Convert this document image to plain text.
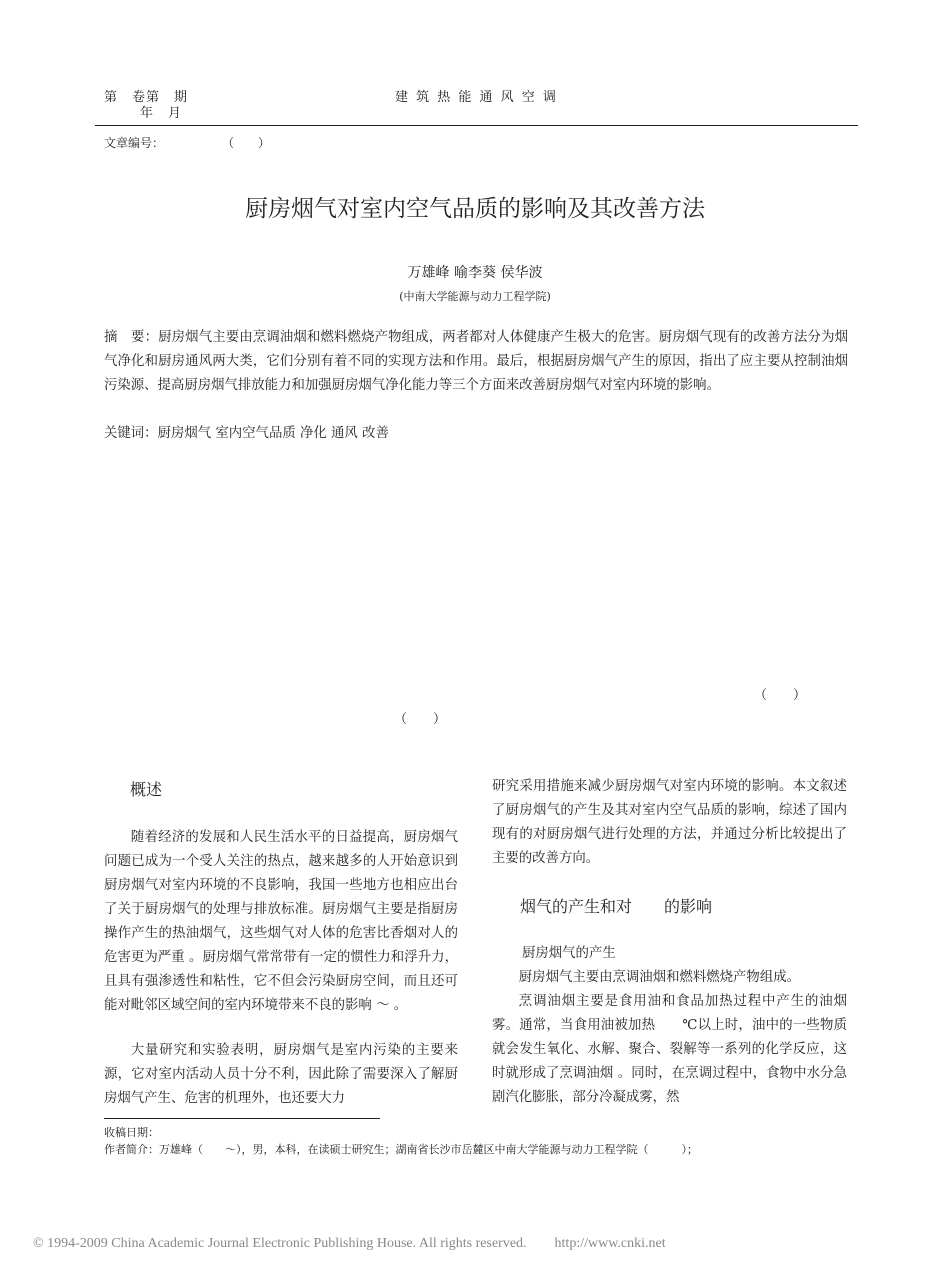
第　卷第　期
年　月
建 筑 热 能 通 风 空 调
文章编号：	（　　）
厨房烟气对室内空气品质的影响及其改善方法
万雄峰 喻李葵 侯华波
(中南大学能源与动力工程学院)
摘　要：厨房烟气主要由烹调油烟和燃料燃烧产物组成，两者都对人体健康产生极大的危害。厨房烟气现有的改善方法分为烟气净化和厨房通风两大类，它们分别有着不同的实现方法和作用。最后，根据厨房烟气产生的原因，指出了应主要从控制油烟污染源、提高厨房烟气排放能力和加强厨房烟气净化能力等三个方面来改善厨房烟气对室内环境的影响。
关键词：厨房烟气 室内空气品质 净化 通风 改善
（　　）
（　　）
概述
随着经济的发展和人民生活水平的日益提高，厨房烟气问题已成为一个受人关注的热点，越来越多的人开始意识到厨房烟气对室内环境的不良影响，我国一些地方也相应出台了关于厨房烟气的处理与排放标准。厨房烟气主要是指厨房操作产生的热油烟气，这些烟气对人体的危害比香烟对人的危害更为严重 。厨房烟气常常带有一定的惯性力和浮升力，且具有强渗透性和粘性，它不但会污染厨房空间，而且还可能对毗邻区域空间的室内环境带来不良的影响 ～ 。
大量研究和实验表明，厨房烟气是室内污染的主要来源，它对室内活动人员十分不利，因此除了需要深入了解厨房烟气产生、危害的机理外，也还要大力
研究采用措施来减少厨房烟气对室内环境的影响。本文叙述了厨房烟气的产生及其对室内空气品质的影响，综述了国内现有的对厨房烟气进行处理的方法，并通过分析比较提出了主要的改善方向。
烟气的产生和对　　的影响
厨房烟气的产生
厨房烟气主要由烹调油烟和燃料燃烧产物组成。
烹调油烟主要是食用油和食品加热过程中产生的油烟雾。通常，当食用油被加热　　℃以上时，油中的一些物质就会发生氧化、水解、聚合、裂解等一系列的化学反应，这时就形成了烹调油烟 。同时，在烹调过程中，食物中水分急剧汽化膨胀，部分冷凝成雾，然
收稿日期：
作者简介：万雄峰（　　～），男，本科，在读硕士研究生；湖南省长沙市岳麓区中南大学能源与动力工程学院（　　　）；
© 1994-2009 China Academic Journal Electronic Publishing House. All rights reserved.　　http://www.cnki.net
